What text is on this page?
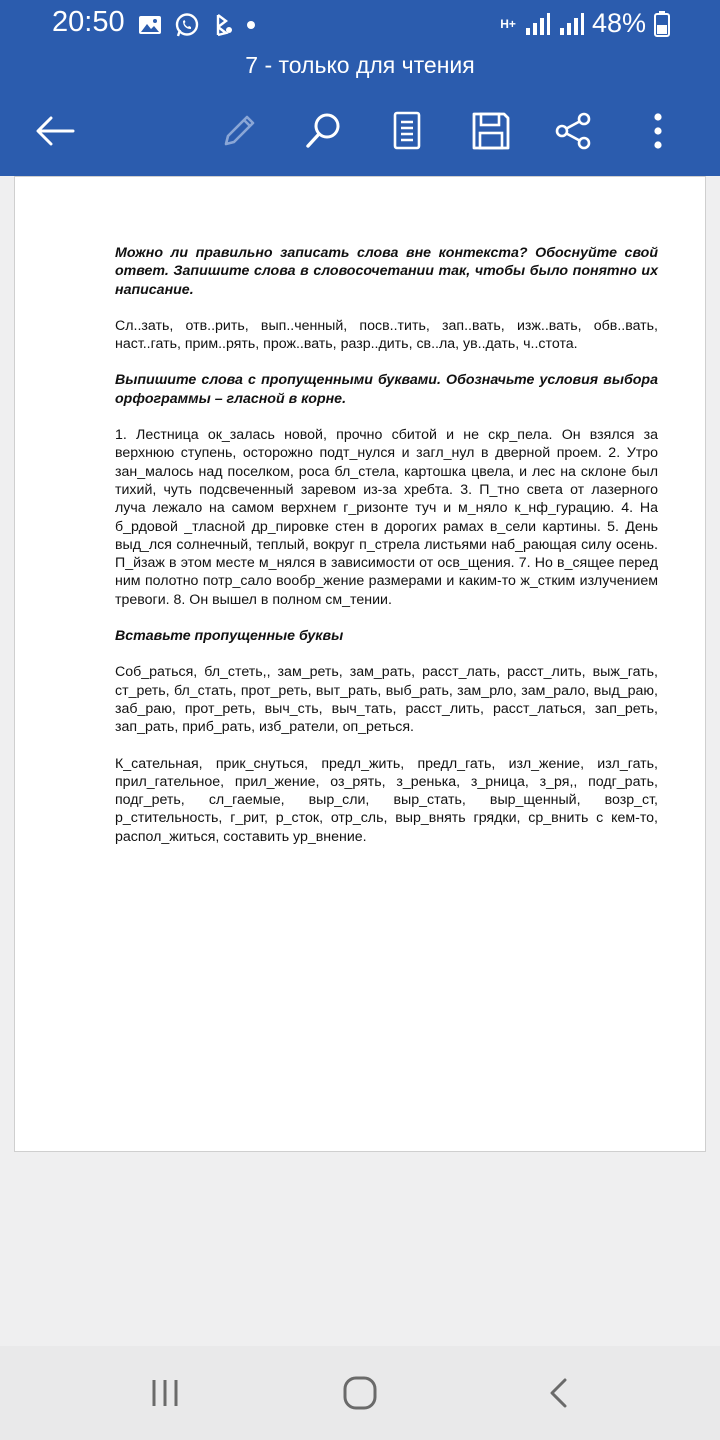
20:50	H+	48%
7 - только для чтения

Можно ли правильно записать слова вне контекста? Обоснуйте свой ответ. Запишите слова в словосочетании так, чтобы было понятно их написание.

Сл..зать, отв..рить, вып..ченный, посв..тить, зап..вать, изж..вать, обв..вать, наст..гать, прим..рять, прож..вать, разр..дить, св..ла, ув..дать, ч..стота.

Выпишите слова с пропущенными буквами. Обозначьте условия выбора орфограммы – гласной в корне.

1. Лестница ок_залась новой, прочно сбитой и не скр_пела. Он взялся за верхнюю ступень, осторожно подт_нулся и загл_нул в дверной проем. 2. Утро зан_малось над поселком, роса бл_стела, картошка цвела, и лес на склоне был тихий, чуть подсвеченный заревом из-за хребта. 3. П_тно света от лазерного луча лежало на самом верхнем г_ризонте туч и м_няло к_нф_гурацию. 4. На б_рдовой _тласной др_пировке стен в дорогих рамах в_сели картины. 5. День выд_лся солнечный, теплый, вокруг п_стрела листьями наб_рающая силу осень. П_йзаж в этом месте м_нялся в зависимости от осв_щения. 7. Но в_сящее перед ним полотно потр_сало вообр_жение размерами и каким-то ж_стким излучением тревоги. 8. Он вышел в полном см_тении.

Вставьте пропущенные буквы

Соб_раться, бл_стеть,, зам_реть, зам_рать, расст_лать, расст_лить, выж_гать, ст_реть, бл_стать, прот_реть, выт_рать, выб_рать, зам_рло, зам_рало, выд_раю, заб_раю, прот_реть, выч_сть, выч_тать, расст_лить, расст_латься, зап_реть, зап_рать, приб_рать, изб_ратели, оп_реться.

К_сательная, прик_снуться, предл_жить, предл_гать, изл_жение, изл_гать, прил_гательное, прил_жение, оз_рять, з_ренька, з_рница, з_ря,, подг_рать, подг_реть, сл_гаемые, выр_сли, выр_стать, выр_щенный, возр_ст, р_стительность, г_рит, р_сток, отр_сль, выр_внять грядки, ср_внить с кем-то, распол_житься, составить ур_внение.
